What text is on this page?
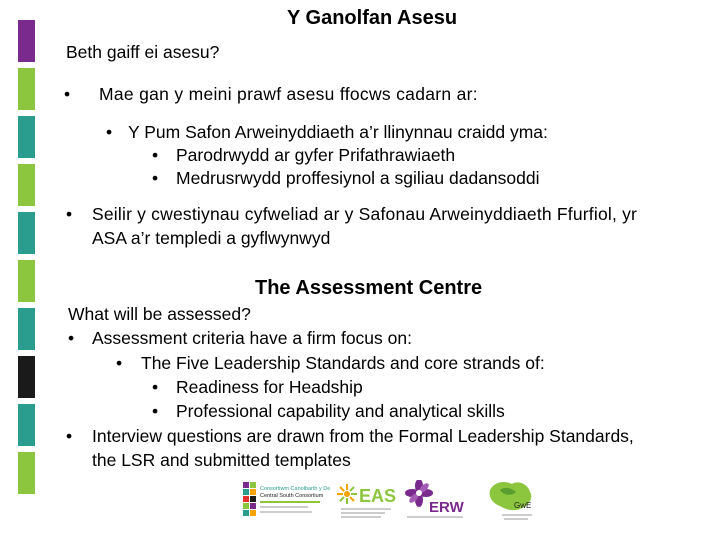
Y Ganolfan Asesu
Beth gaiff ei asesu?
• Mae gan y meini prawf asesu ffocws cadarn ar:
• Y Pum Safon Arweinyddiaeth a’r llinynnau craidd yma:
• Parodrwydd ar gyfer Prifathrawiaeth
• Medrusrwydd proffesiynol a sgiliau dadansoddi
• Seilir y cwestiynau cyfweliad ar y Safonau Arweinyddiaeth Ffurfiol, yr
ASA a’r templedi a gyflwynwyd
The Assessment Centre
What will be assessed?
• Assessment criteria have a firm focus on:
• The Five Leadership Standards and core strands of:
• Readiness for Headship
• Professional capability and analytical skills
• Interview questions are drawn from the Formal Leadership Standards,
the LSR and submitted templates
Consortiwm Canolbarth y De
Central South Consortium EAS
ERW	GwE
